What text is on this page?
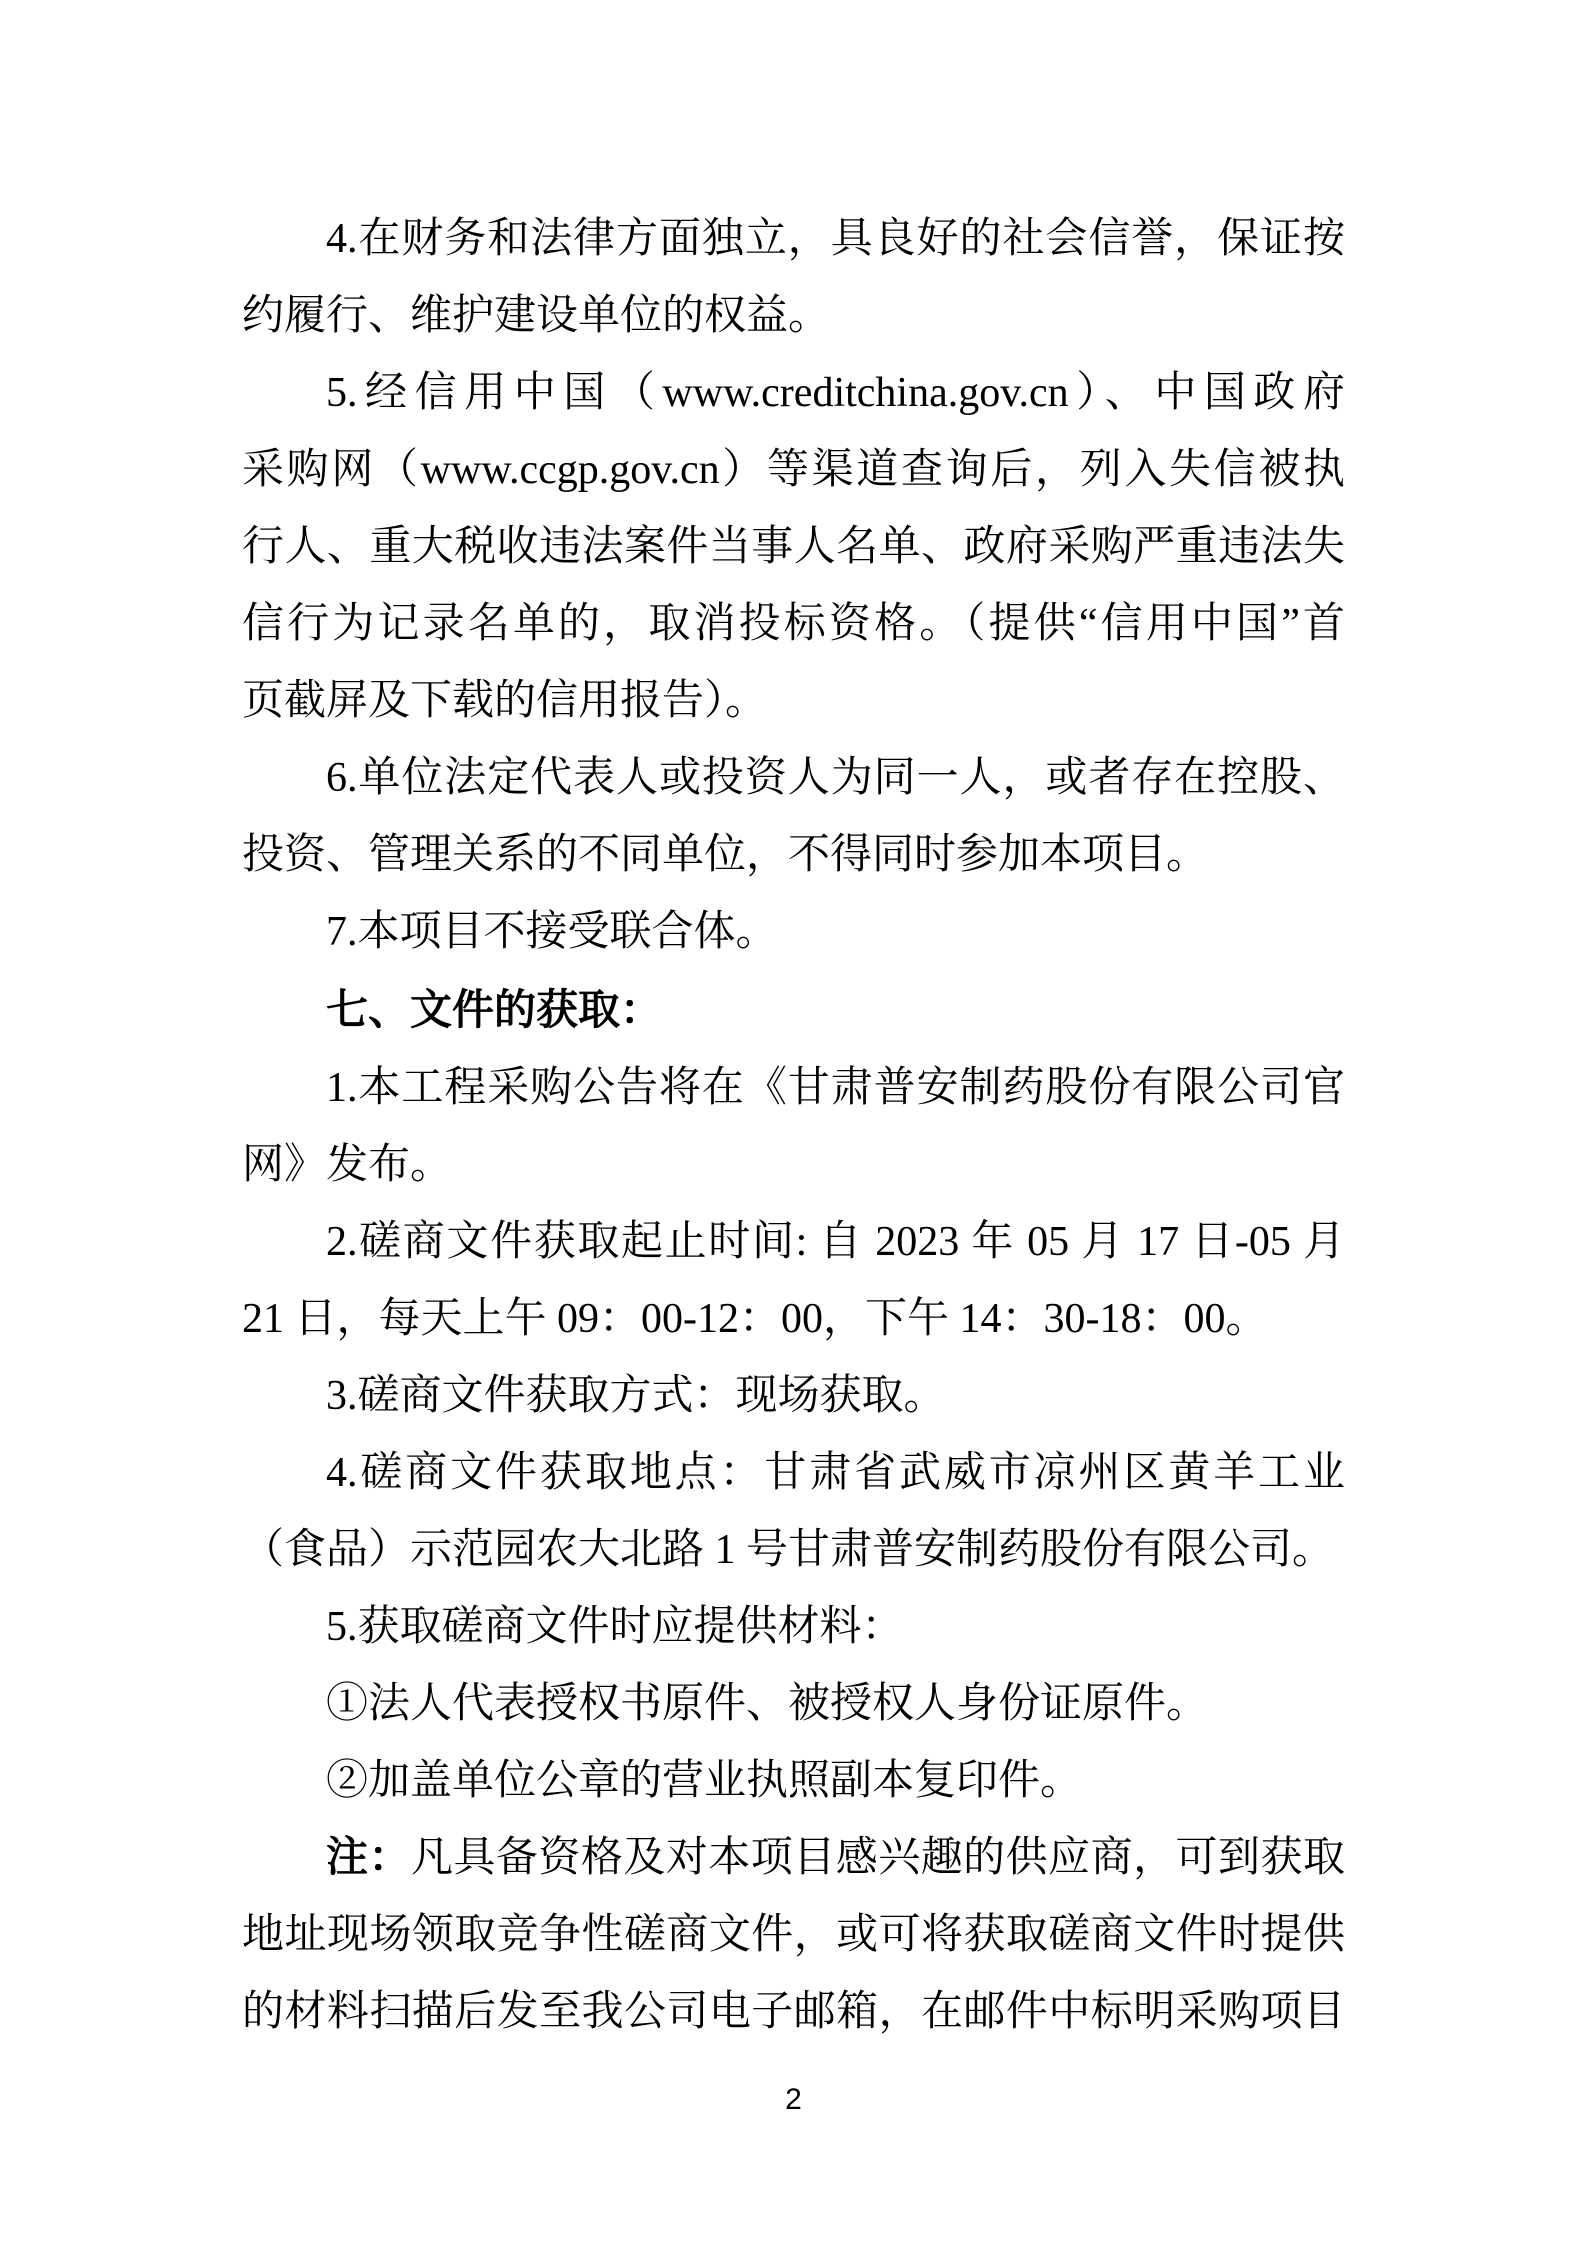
4.在财务和法律方面独立，具良好的社会信誉，保证按
约履行、维护建设单位的权益。
5.经信用中国（www.creditchina.gov.cn）、中国政府
采购网（www.ccgp.gov.cn）等渠道查询后，列入失信被执
行人、重大税收违法案件当事人名单、政府采购严重违法失
信行为记录名单的，取消投标资格。（提供“信用中国”首
页截屏及下载的信用报告）。
6.单位法定代表人或投资人为同一人，或者存在控股、
投资、管理关系的不同单位，不得同时参加本项目。
7.本项目不接受联合体。
七、文件的获取：
1.本工程采购公告将在《甘肃普安制药股份有限公司官
网》发布。
2.磋商文件获取起止时间: 自 2023 年 05 月 17 日-05 月
21 日，每天上午 09：00-12：00，下午 14：30-18：00。
3.磋商文件获取方式：现场获取。
4.磋商文件获取地点：甘肃省武威市凉州区黄羊工业
（食品）示范园农大北路 1 号甘肃普安制药股份有限公司。
5.获取磋商文件时应提供材料：
①法人代表授权书原件、被授权人身份证原件。
②加盖单位公章的营业执照副本复印件。
注：凡具备资格及对本项目感兴趣的供应商，可到获取
地址现场领取竞争性磋商文件，或可将获取磋商文件时提供
的材料扫描后发至我公司电子邮箱，在邮件中标明采购项目
2
